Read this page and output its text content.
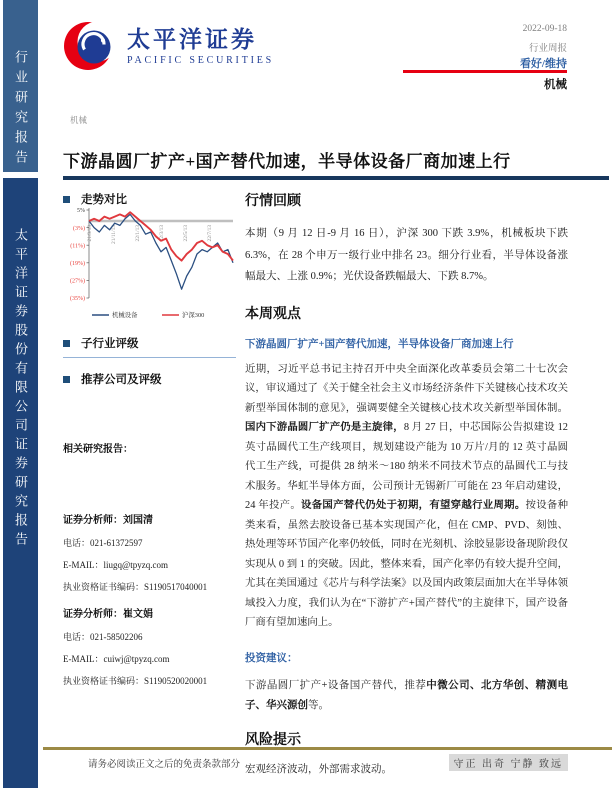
行业研究报告
太平洋证券股份有限公司证券研究报告
太平洋证券
PACIFIC SECURITIES
2022-09-18
行业周报
看好/维持
机械
机械
下游晶圆厂扩产+国产替代加速，半导体设备厂商加速上行
走势对比
5%
(3%)
(11%)
(19%)
(27%)
(35%)
21/9/13	21/11/13	22/1/13	22/3/13	22/5/13	22/7/13
机械设备	沪深300
子行业评级
推荐公司及评级
相关研究报告：

证券分析师：刘国清

电话：021-61372597

E-MAIL：liugq@tpyzq.com

执业资格证书编码：S1190517040001

证券分析师：崔文娟

电话：021-58502206

E-MAIL：cuiwj@tpyzq.com

执业资格证书编码：S1190520020001

行情回顾

本期（9 月 12 日-9 月 16 日），沪深 300 下跌 3.9%，机械板块下跌 6.3%，在 28 个申万一级行业中排名 23。细分行业看，半导体设备涨幅最大、上涨 0.9%；光伏设备跌幅最大、下跌 8.7%。

本周观点

下游晶圆厂扩产+国产替代加速，半导体设备厂商加速上行

近期，习近平总书记主持召开中央全面深化改革委员会第二十七次会议，审议通过了《关于健全社会主义市场经济条件下关键核心技术攻关新型举国体制的意见》，强调要健全关键核心技术攻关新型举国体制。国内下游晶圆厂扩产仍是主旋律，8 月 27 日，中芯国际公告拟建设 12 英寸晶圆代工生产线项目，规划建设产能为 10 万片/月的 12 英寸晶圆代工生产线，可提供 28 纳米～180 纳米不同技术节点的晶圆代工与技术服务。华虹半导体方面，公司预计无锡新厂可能在 23 年启动建设，24 年投产。设备国产替代仍处于初期，有望穿越行业周期。按设备种类来看，虽然去胶设备已基本实现国产化，但在 CMP、PVD、刻蚀、热处理等环节国产化率仍较低，同时在光刻机、涂胶显影设备现阶段仅实现从 0 到 1 的突破。因此，整体来看，国产化率仍有较大提升空间，尤其在美国通过《芯片与科学法案》以及国内政策层面加大在半导体领域投入力度，我们认为在“下游扩产+国产替代”的主旋律下，国产设备厂商有望加速向上。

投资建议：

下游晶圆厂扩产+设备国产替代，推荐中微公司、北方华创、精测电子、华兴源创等。

风险提示

宏观经济波动，外部需求波动。

请务必阅读正文之后的免责条款部分	守正 出奇 宁静 致远
